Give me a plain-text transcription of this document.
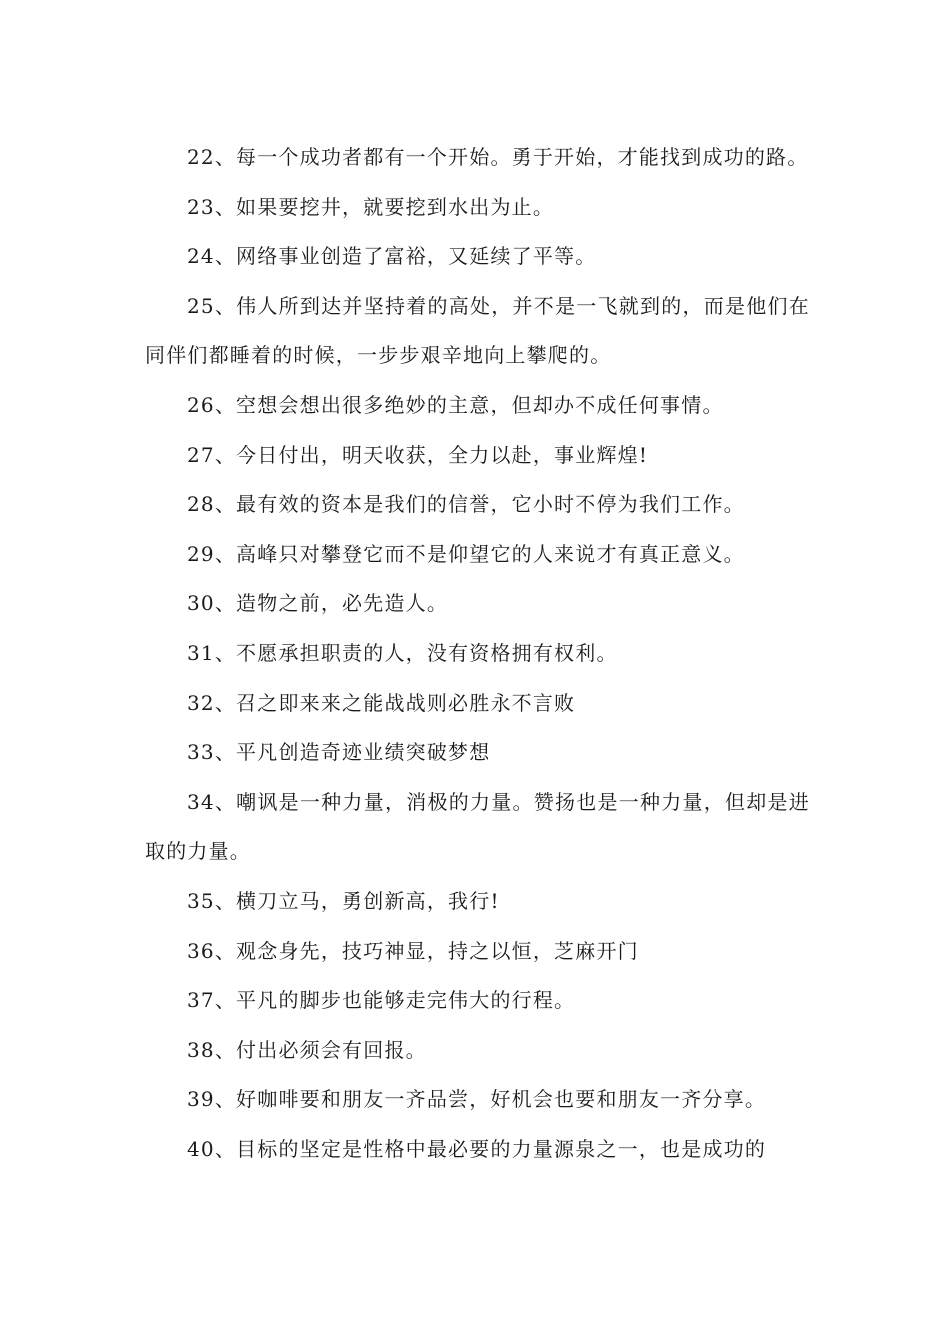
22、每一个成功者都有一个开始。勇于开始，才能找到成功的路。

23、如果要挖井，就要挖到水出为止。

24、网络事业创造了富裕，又延续了平等。

25、伟人所到达并坚持着的高处，并不是一飞就到的，而是他们在同伴们都睡着的时候，一步步艰辛地向上攀爬的。

26、空想会想出很多绝妙的主意，但却办不成任何事情。

27、今日付出，明天收获，全力以赴，事业辉煌!

28、最有效的资本是我们的信誉，它小时不停为我们工作。

29、高峰只对攀登它而不是仰望它的人来说才有真正意义。

30、造物之前，必先造人。

31、不愿承担职责的人，没有资格拥有权利。

32、召之即来来之能战战则必胜永不言败

33、平凡创造奇迹业绩突破梦想

34、嘲讽是一种力量，消极的力量。赞扬也是一种力量，但却是进取的力量。

35、横刀立马，勇创新高，我行!

36、观念身先，技巧神显，持之以恒，芝麻开门

37、平凡的脚步也能够走完伟大的行程。

38、付出必须会有回报。

39、好咖啡要和朋友一齐品尝，好机会也要和朋友一齐分享。

40、目标的坚定是性格中最必要的力量源泉之一，也是成功的
